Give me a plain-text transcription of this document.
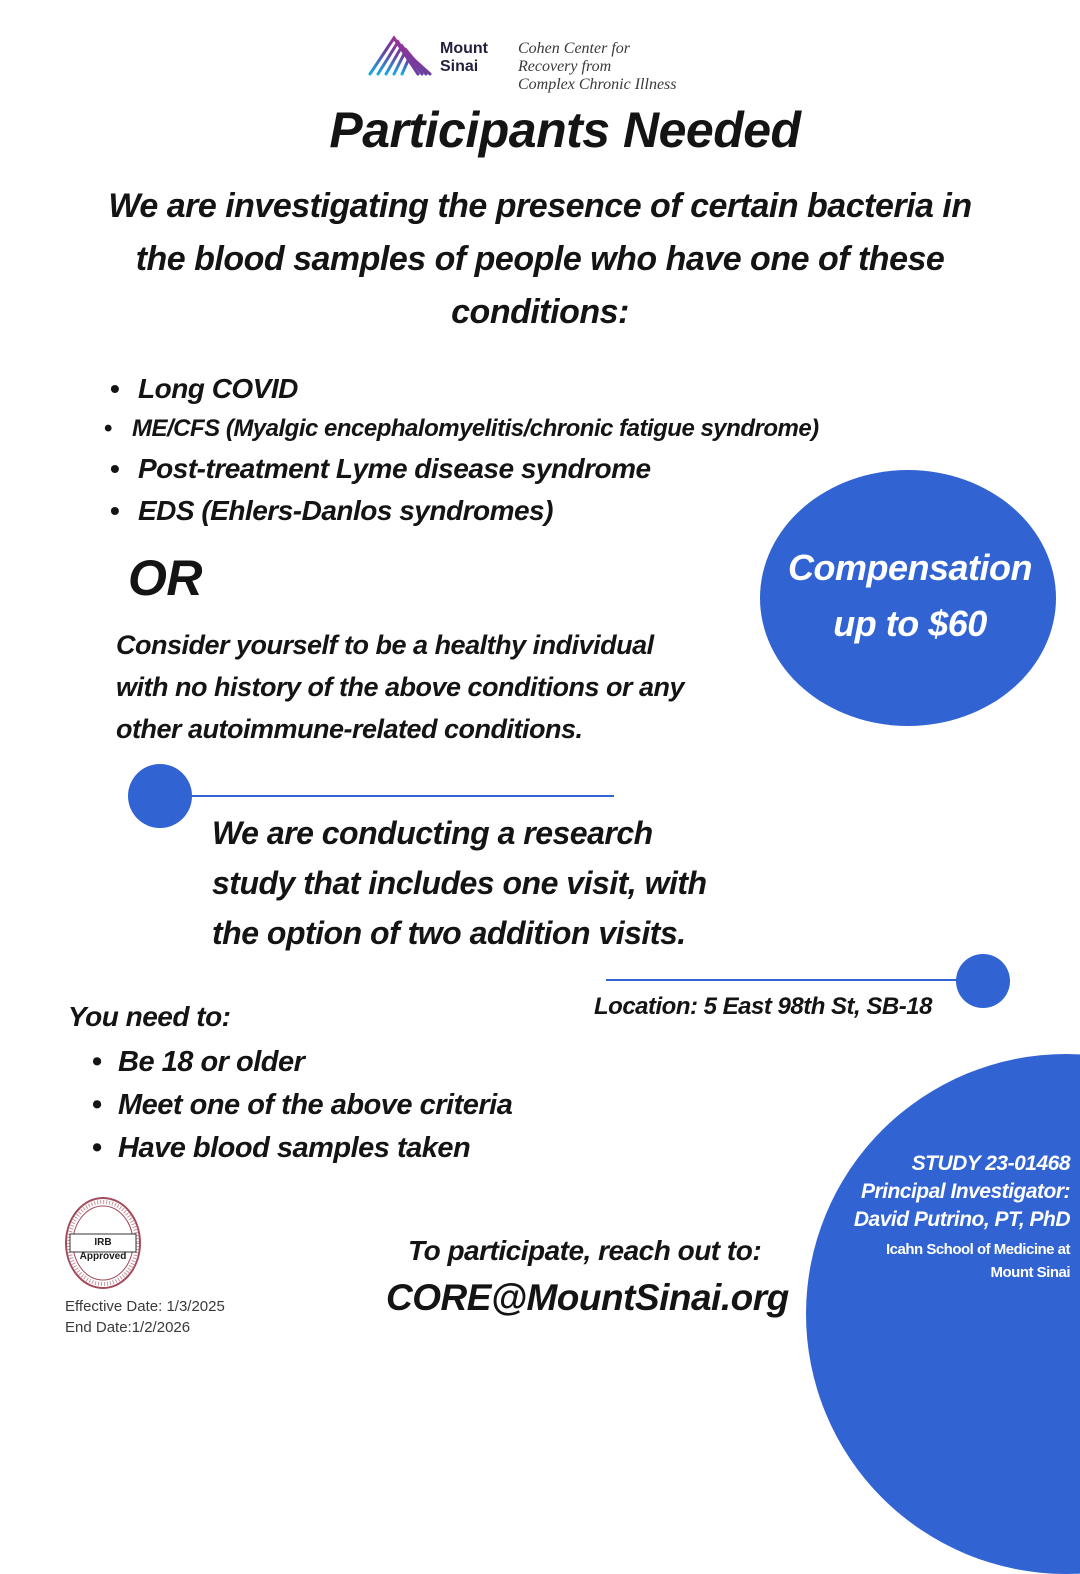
Mount
Sinai
Cohen Center for
Recovery from
Complex Chronic Illness
Participants Needed
We are investigating the presence of certain bacteria in the blood samples of people who have one of these conditions:
• Long COVID
• ME/CFS (Myalgic encephalomyelitis/chronic fatigue syndrome)
• Post-treatment Lyme disease syndrome
• EDS (Ehlers-Danlos syndromes)
OR
Consider yourself to be a healthy individual
with no history of the above conditions or any
other autoimmune-related conditions.
Compensation
up to $60
We are conducting a research
study that includes one visit, with
the option of two addition visits.
Location: 5 East 98th St, SB-18
You need to:
• Be 18 or older
• Meet one of the above criteria
• Have blood samples taken	STUDY 23-01468
Principal Investigator:
David Putrino, PT, PhD
Icahn School of Medicine at
Mount Sinai
IRB Approved
Effective Date: 1/3/2025
End Date:1/2/2026
To participate, reach out to:
CORE@MountSinai.org
